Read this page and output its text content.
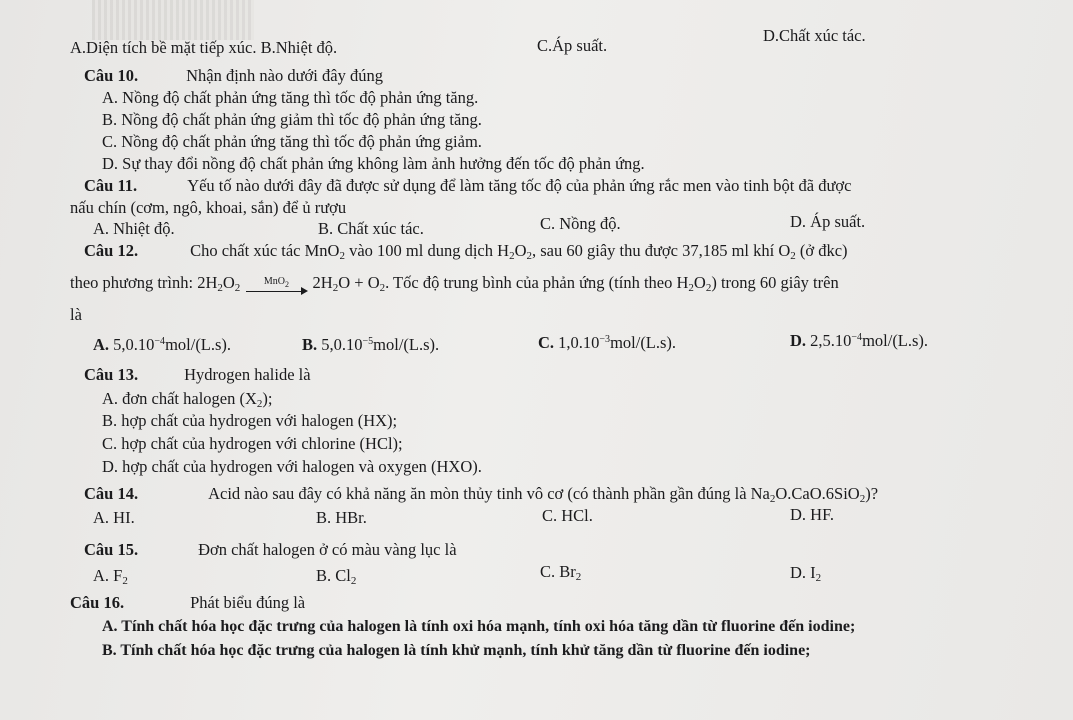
A.Diện tích bề mặt tiếp xúc. B.Nhiệt độ.	C.Áp suất.
D.Chất xúc tác.
Câu 10.	Nhận định nào dưới đây đúng
A. Nồng độ chất phản ứng tăng thì tốc độ phản ứng tăng.
B. Nồng độ chất phản ứng giảm thì tốc độ phản ứng tăng.
C. Nồng độ chất phản ứng tăng thì tốc độ phản ứng giảm.
D. Sự thay đổi nồng độ chất phản ứng không làm ảnh hưởng đến tốc độ phản ứng.
Câu 11.	Yếu tố nào dưới đây đã được sử dụng để làm tăng tốc độ của phản ứng rắc men vào tinh bột đã được
nấu chín (cơm, ngô, khoai, sắn) để ủ rượu
A. Nhiệt độ.	B. Chất xúc tác.	C. Nồng độ.	D. Áp suất.
Câu 12.	Cho chất xúc tác MnO$_2$ vào 100 ml dung dịch $H_2O_2$, sau 60 giây thu được 37,185 ml khí $O_2$ (ở đkc)
theo phương trình: $2H_2O_2$ MnO$_2$ $2H_2O + O_2$. Tốc độ trung bình của phản ứng (tính theo $H_2O_2$) trong 60 giây trên
là
A. $5,0.10^{-4}mol/(L.s)$.	B. $5,0.10^{-5}mol/(L.s)$.	C. $1,0.10^{-3}mol/(L.s)$.	D. $2,5.10^{-4}mol/(L.s)$.
Câu 13.	Hydrogen halide là
A. đơn chất halogen $(X_2)$;
B. hợp chất của hydrogen với halogen (HX);
C. hợp chất của hydrogen với chlorine (HCl);
D. hợp chất của hydrogen với halogen và oxygen (HXO).
Câu 14.	Acid nào sau đây có khả năng ăn mòn thủy tinh vô cơ (có thành phần gần đúng là $Na_2O.CaO.6SiO_2$)?
A. HI.	B. HBr.	C. HCl.	D. HF.
Câu 15.	Đơn chất halogen ở có màu vàng lục là
A. $F_2$	B. $Cl_2$	C. $Br_2$	D. $I_2$
Câu 16.	Phát biểu đúng là
A. Tính chất hóa học đặc trưng của halogen là tính oxi hóa mạnh, tính oxi hóa tăng dần từ fluorine đến iodine;
B. Tính chất hóa học đặc trưng của halogen là tính khử mạnh, tính khử tăng dần từ fluorine đến iodine;
